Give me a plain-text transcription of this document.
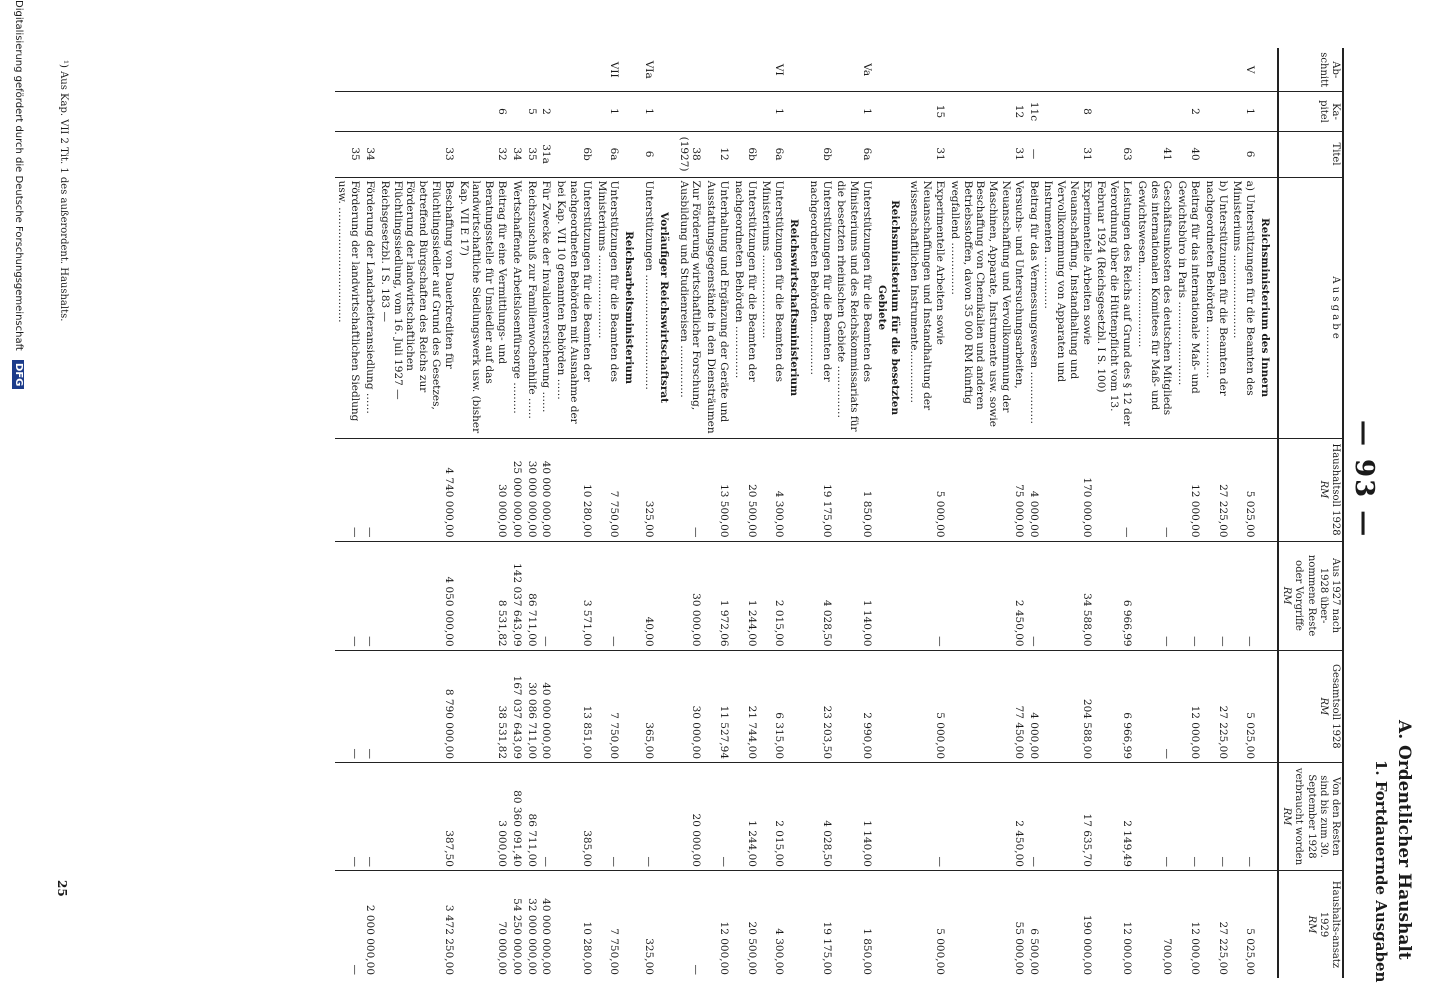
— 93 —
A. Ordentlicher Haushalt
1. Fortdauernde Ausgaben
Ab-schnitt	Ka-pitel	Titel	A u s g a b e	Haushaltsoll 1928
RM	Aus 1927 nach 1928 über-nommene Reste oder Vorgriffe
RM	Gesamtsoll 1928
RM	Von den Resten sind bis zum 30. September 1928 verbraucht worden
RM	Haushalts-ansatz 1929
RM
			Reichsministerium des Innern					
V	1	6	a) Unterstützungen für die Beamten des Ministeriums ……………………	5 025,00	—	5 025,00	—	5 025,00
			b) Unterstützungen für die Beamten der nachgeordneten Behörden ……………	27 225,00	—	27 225,00	—	27 225,00
	2	40	Beitrag für das internationale Maß- und Gewichtsbüro in Paris ……………………	12 000,00	—	12 000,00	—	12 000,00
		41	Geschäftsunkosten des deutschen Mitglieds des internationalen Komitees für Maß- und Gewichtswesen……………………	—	—	—	—	700,00
		63	Leistungen des Reichs auf Grund des § 12 der Verordnung über die Hüttenpflicht vom 13. Februar 1924 (Reichsgesetzbl. I S. 100)	—	6 966,99	6 966,99	2 149,49	12 000,00
	8	31	Experimentelle Arbeiten sowie Neuanschaffung, Instandhaltung und Vervollkommnung von Apparaten und Instrumenten ……………	170 000,00	34 588,00	204 588,00	17 635,70	190 000,00
	11c	—	Beitrag für das Vermessungswesen ……………	4 000,00	—	4 000,00	—	6 500,00
	12	31	Versuchs- und Untersuchungsarbeiten, Neuanschaffung und Vervollkommnung der Maschinen, Apparate, Instrumente usw. sowie Beschaffung von Chemikalien und anderen Betriebsstoffen, davon 35 000 RM künftig wegfallend ……………	75 000,00	2 450,00	77 450,00	2 450,00	55 000,00
	15	31	Experimentelle Arbeiten sowie Neuanschaffungen und Instandhaltung der wissenschaftlichen Instrumente……………	5 000,00	—	5 000,00	—	5 000,00
			Reichsministerium für die besetzten Gebiete					
Va	1	6a	Unterstützungen für die Beamten des Ministeriums und des Reichskommissariats für die besetzten rheinischen Gebiete ……………	1 850,00	1 140,00	2 990,00	1 140,00	1 850,00
		6b	Unterstützungen für die Beamten der nachgeordneten Behörden……………	19 175,00	4 028,50	23 203,50	4 028,50	19 175,00
			Reichswirtschaftsministerium					
VI	1	6a	Unterstützungen für die Beamten des Ministeriums ……………………	4 300,00	2 015,00	6 315,00	2 015,00	4 300,00
		6b	Unterstützungen für die Beamten der nachgeordneten Behörden ……………	20 500,00	1 244,00	21 744,00	1 244,00	20 500,00
		12	Unterhaltung und Ergänzung der Geräte und Ausstattungsgegenstände in den Diensträumen	13 500,00	1 972,06	11 527,94	—	12 000,00
		38 (1927)	Zur Förderung wirtschaftlicher Forschung, Ausbildung und Studienreisen ……………	—	30 000,00	30 000,00	20 000,00	—
			Vorläufiger Reichswirtschaftsrat					
VIa	1	6	Unterstützungen ……………………………	325,00	40,00	365,00	—	325,00
			Reichsarbeitsministerium					
VII	1	6a	Unterstützungen für die Beamten des Ministeriums ……………………	7 750,00	—	7 750,00	—	7 750,00
		6b	Unterstützungen für die Beamten der nachgeordneten Behörden mit Ausnahme der bei Kap. VII 10 genannten Behörden ……	10 280,00	3 571,00	13 851,00	385,00	10 280,00
	2	31a	Für Zwecke der Invalidenversicherung ……	40 000 000,00	—	40 000 000,00	—	40 000 000,00
	5	35	Reichszuschuß zur Familienwochenhilfe ……	30 000 000,00	86 711,00	30 086 711,00	86 711,00	32 000 000,00
		34	Wertschaffende Arbeitslosenfürsorge ………	25 000 000,00	142 037 643,09	167 037 643,09	80 360 091,40	54 250 000,00
	6	32	Beitrag für eine Vermittlungs- und Beratungsstelle für Umsiedler auf das landwirtschaftliche Siedlungswerk usw. (bisher Kap. VII E 17)	30 000,00	8 531,82	38 531,82	3 000,00	70 000,00
		33	Beschaffung von Dauerkrediten für Flüchtlingssiedler auf Grund des Gesetzes, betreffend Bürgschaften des Reichs zur Förderung der landwirtschaftlichen Flüchtlingssiedlung, vom 16. Juli 1927 — Reichsgesetzbl. I S. 183 —	4 740 000,00	4 050 000,00	8 790 000,00	387,50	3 472 250,00
		34	Förderung der Landarbeiteransiedlung ……	—	—	—	—	2 000 000,00
		35	Förderung der landwirtschaftlichen Siedlung usw. ……………………………	—	—	—	—	—
¹) Aus Kap. VII 2 Tit. 1 des außerordent. Haushalts.
25
Digitalisierung gefördert durch die Deutsche Forschungsgemeinschaft DFG
